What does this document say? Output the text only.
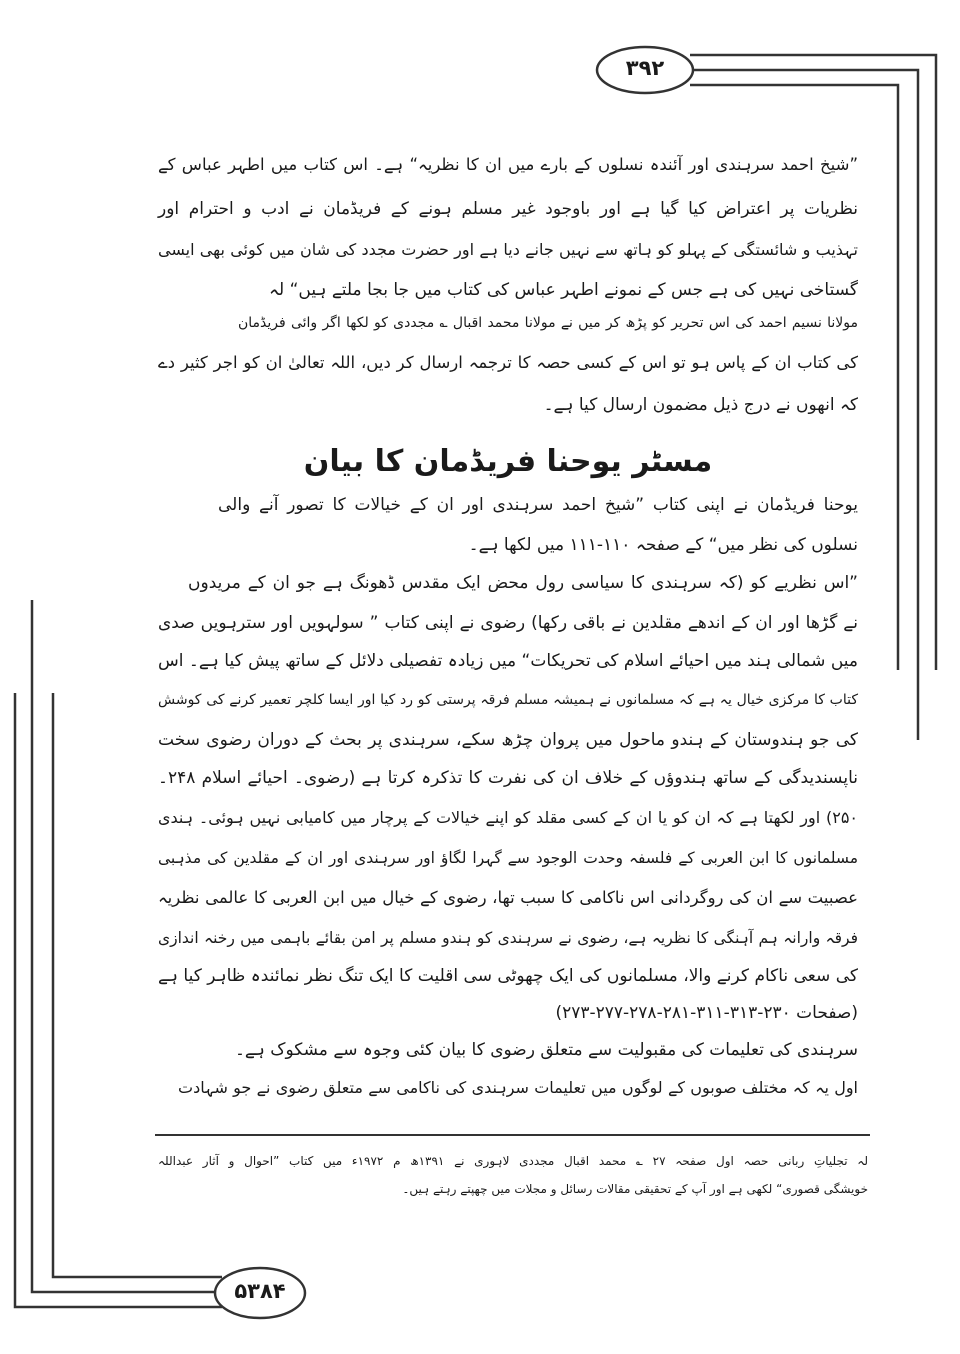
۳۹۲
۵۳۸۴
”شیخ احمد سرہندی اور آئندہ نسلوں کے بارے میں ان کا نظریہ“ ہے۔ اس کتاب میں اطہر عباس کے
نظریات پر اعتراض کیا گیا ہے اور باوجود غیر مسلم ہونے کے فریڈمان نے ادب و احترام اور
تہذیب و شائستگی کے پہلو کو ہاتھ سے نہیں جانے دیا ہے اور حضرت مجدد کی شان میں کوئی بھی ایسی
گستاخی نہیں کی ہے جس کے نمونے اطہر عباس کی کتاب میں جا بجا ملتے ہیں“ لہ
مولانا نسیم احمد کی اس تحریر کو پڑھ کر میں نے مولانا محمد اقبال ؎ مجددی کو لکھا اگر وائی فریڈمان
کی کتاب ان کے پاس ہو تو اس کے کسی حصہ کا ترجمہ ارسال کر دیں، اللہ تعالیٰ ان کو اجر کثیر دے
کہ انھوں نے درج ذیل مضمون ارسال کیا ہے۔
مسٹر یوحنا فریڈمان کا بیان
یوحنا فریڈمان نے اپنی کتاب ”شیخ احمد سرہندی اور ان کے خیالات کا تصور آنے والی
نسلوں کی نظر میں“ کے صفحہ ۱۱۰-۱۱۱ میں لکھا ہے۔
”اس نظریے کو (کہ سرہندی کا سیاسی رول محض ایک مقدس ڈھونگ ہے جو ان کے مریدوں
نے گڑھا اور ان کے اندھے مقلدین نے باقی رکھا) رضوی نے اپنی کتاب ” سولہویں اور سترہویں صدی
میں شمالی ہند میں احیائے اسلام کی تحریکات“ میں زیادہ تفصیلی دلائل کے ساتھ پیش کیا ہے۔ اس
کتاب کا مرکزی خیال یہ ہے کہ مسلمانوں نے ہمیشہ مسلم فرقہ پرستی کو رد کیا اور ایسا کلچر تعمیر کرنے کی کوشش
کی جو ہندوستان کے ہندو ماحول میں پروان چڑھ سکے، سرہندی پر بحث کے دوران رضوی سخت
ناپسندیدگی کے ساتھ ہندوؤں کے خلاف ان کی نفرت کا تذکرہ کرتا ہے (رضوی۔ احیائے اسلام ۲۴۸۔
۲۵۰) اور لکھتا ہے کہ ان کو یا ان کے کسی مقلد کو اپنے خیالات کے پرچار میں کامیابی نہیں ہوئی۔ ہندی
مسلمانوں کا ابن العربی کے فلسفہ وحدت الوجود سے گہرا لگاؤ اور سرہندی اور ان کے مقلدین کی مذہبی
عصبیت سے ان کی روگردانی اس ناکامی کا سبب تھا، رضوی کے خیال میں ابن العربی کا عالمی نظریہ
فرقہ وارانہ ہم آہنگی کا نظریہ ہے، رضوی نے سرہندی کو ہندو مسلم پر امن بقائے باہمی میں رخنہ اندازی
کی سعی ناکام کرنے والا، مسلمانوں کی ایک چھوٹی سی اقلیت کا ایک تنگ نظر نمائندہ ظاہر کیا ہے
(صفحات ۲۳۰-۳۱۳-۳۱۱-۲۸۱-۲۷۸-۲۷۷-۲۷۳)
سرہندی کی تعلیمات کی مقبولیت سے متعلق رضوی کا بیان کئی وجوہ سے مشکوک ہے۔
اول یہ کہ مختلف صوبوں کے لوگوں میں تعلیمات سرہندی کی ناکامی سے متعلق رضوی نے جو شہادت
لہ تجلیاتِ ربانی حصہ اول صفحہ ۲۷ ؎ محمد اقبال مجددی لاہوری نے ۱۳۹۱ھ م ۱۹۷۲ء میں کتاب ”احوال و آثار عبداللہ
خویشگی قصوری“ لکھی ہے اور آپ کے تحقیقی مقالات رسائل و مجلات میں چھپتے رہتے ہیں۔
